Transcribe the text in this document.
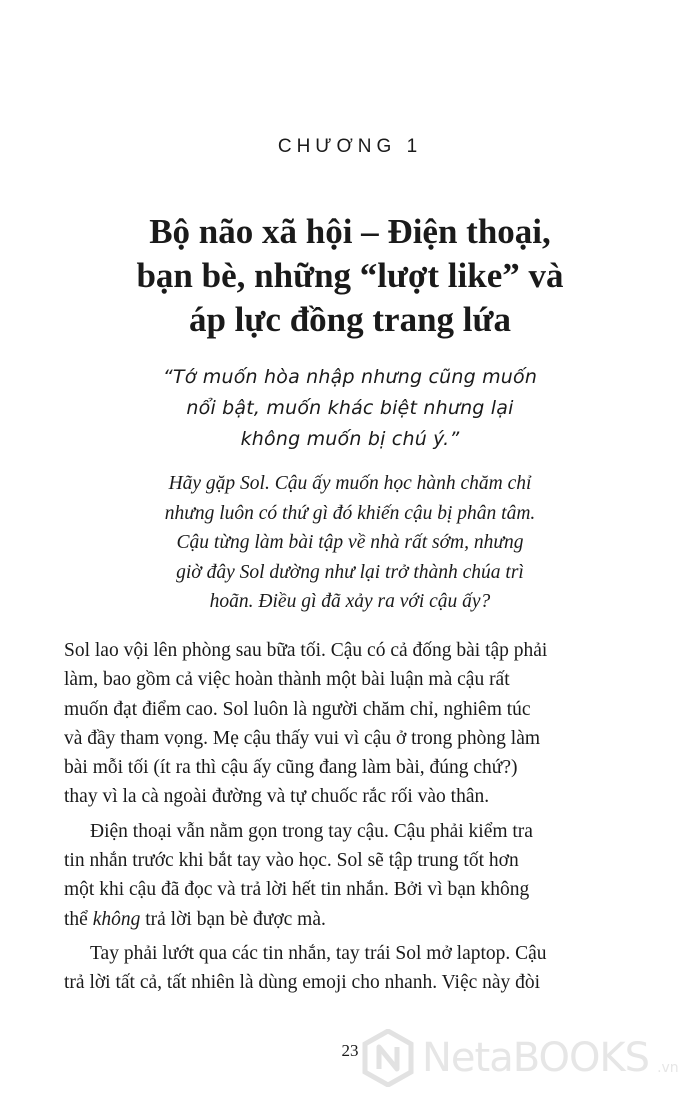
CHƯƠNG 1
Bộ não xã hội – Điện thoại,
bạn bè, những “lượt like” và
áp lực đồng trang lứa
“Tớ muốn hòa nhập nhưng cũng muốn
nổi bật, muốn khác biệt nhưng lại
không muốn bị chú ý.”
Hãy gặp Sol. Cậu ấy muốn học hành chăm chỉ
nhưng luôn có thứ gì đó khiến cậu bị phân tâm.
Cậu từng làm bài tập về nhà rất sớm, nhưng
giờ đây Sol dường như lại trở thành chúa trì
hoãn. Điều gì đã xảy ra với cậu ấy?
Sol lao vội lên phòng sau bữa tối. Cậu có cả đống bài tập phải
làm, bao gồm cả việc hoàn thành một bài luận mà cậu rất
muốn đạt điểm cao. Sol luôn là người chăm chỉ, nghiêm túc
và đầy tham vọng. Mẹ cậu thấy vui vì cậu ở trong phòng làm
bài mỗi tối (ít ra thì cậu ấy cũng đang làm bài, đúng chứ?)
thay vì la cà ngoài đường và tự chuốc rắc rối vào thân.
Điện thoại vẫn nằm gọn trong tay cậu. Cậu phải kiểm tra
tin nhắn trước khi bắt tay vào học. Sol sẽ tập trung tốt hơn
một khi cậu đã đọc và trả lời hết tin nhắn. Bởi vì bạn không
thể không trả lời bạn bè được mà.
Tay phải lướt qua các tin nhắn, tay trái Sol mở laptop. Cậu
trả lời tất cả, tất nhiên là dùng emoji cho nhanh. Việc này đòi
23	NetaBOOKS .vn
